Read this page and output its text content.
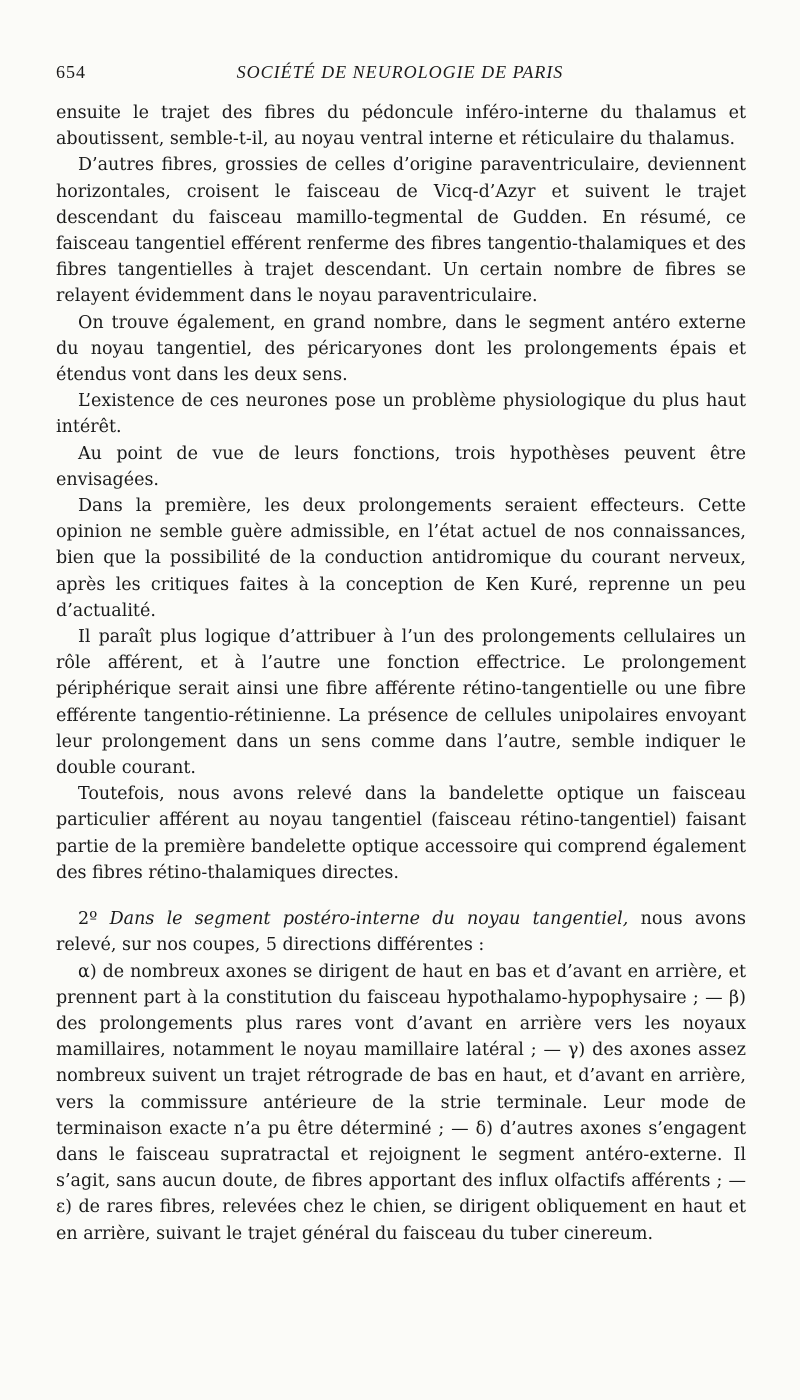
654	SOCIÉTÉ DE NEUROLOGIE DE PARIS

ensuite le trajet des fibres du pédoncule inféro-interne du thalamus et aboutissent, semble-t-il, au noyau ventral interne et réticulaire du thalamus.

D’autres fibres, grossies de celles d’origine paraventriculaire, deviennent horizontales, croisent le faisceau de Vicq-d’Azyr et suivent le trajet descendant du faisceau mamillo-tegmental de Gudden. En résumé, ce faisceau tangentiel efférent renferme des fibres tangentio-thalamiques et des fibres tangentielles à trajet descendant. Un certain nombre de fibres se relayent évidemment dans le noyau paraventriculaire.

On trouve également, en grand nombre, dans le segment antéro externe du noyau tangentiel, des péricaryones dont les prolongements épais et étendus vont dans les deux sens.

L’existence de ces neurones pose un problème physiologique du plus haut intérêt.

Au point de vue de leurs fonctions, trois hypothèses peuvent être envisagées.

Dans la première, les deux prolongements seraient effecteurs. Cette opinion ne semble guère admissible, en l’état actuel de nos connaissances, bien que la possibilité de la conduction antidromique du courant nerveux, après les critiques faites à la conception de Ken Kuré, reprenne un peu d’actualité.

Il paraît plus logique d’attribuer à l’un des prolongements cellulaires un rôle afférent, et à l’autre une fonction effectrice. Le prolongement périphérique serait ainsi une fibre afférente rétino-tangentielle ou une fibre efférente tangentio-rétinienne. La présence de cellules unipolaires envoyant leur prolongement dans un sens comme dans l’autre, semble indiquer le double courant.

Toutefois, nous avons relevé dans la bandelette optique un faisceau particulier afférent au noyau tangentiel (faisceau rétino-tangentiel) faisant partie de la première bandelette optique accessoire qui comprend également des fibres rétino-thalamiques directes.

2º Dans le segment postéro-interne du noyau tangentiel, nous avons relevé, sur nos coupes, 5 directions différentes :

α) de nombreux axones se dirigent de haut en bas et d’avant en arrière, et prennent part à la constitution du faisceau hypothalamo-hypophysaire ; — β) des prolongements plus rares vont d’avant en arrière vers les noyaux mamillaires, notamment le noyau mamillaire latéral ; — γ) des axones assez nombreux suivent un trajet rétrograde de bas en haut, et d’avant en arrière, vers la commissure antérieure de la strie terminale. Leur mode de terminaison exacte n’a pu être déterminé ; — δ) d’autres axones s’engagent dans le faisceau supratractal et rejoignent le segment antéro-externe. Il s’agit, sans aucun doute, de fibres apportant des influx olfactifs afférents ; — ε) de rares fibres, relevées chez le chien, se dirigent obliquement en haut et en arrière, suivant le trajet général du faisceau du tuber cinereum.
